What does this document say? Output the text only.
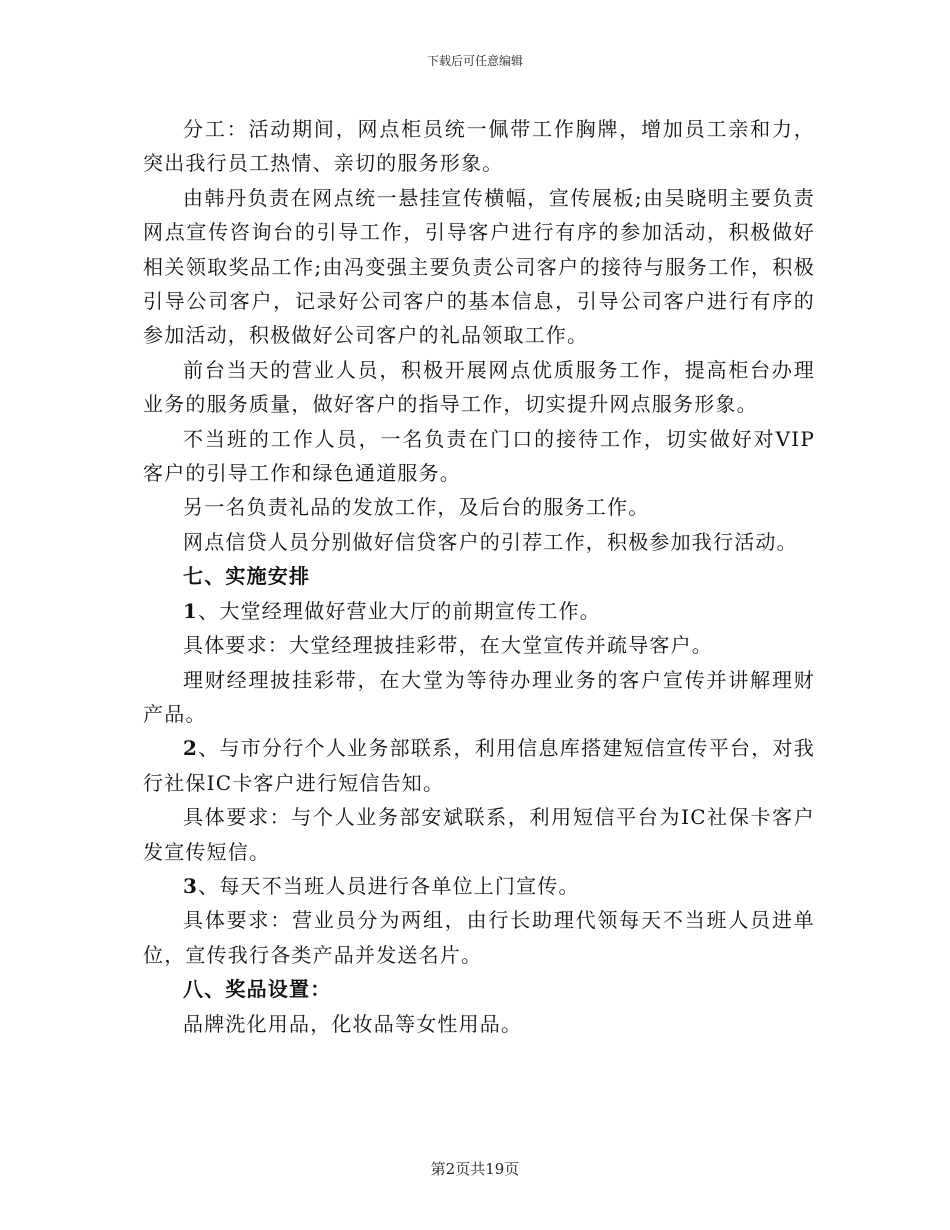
下载后可任意编辑

分工：活动期间，网点柜员统一佩带工作胸牌，增加员工亲和力，突出我行员工热情、亲切的服务形象。

由韩丹负责在网点统一悬挂宣传横幅，宣传展板;由吴晓明主要负责网点宣传咨询台的引导工作，引导客户进行有序的参加活动，积极做好相关领取奖品工作;由冯变强主要负责公司客户的接待与服务工作，积极引导公司客户，记录好公司客户的基本信息，引导公司客户进行有序的参加活动，积极做好公司客户的礼品领取工作。

前台当天的营业人员，积极开展网点优质服务工作，提高柜台办理业务的服务质量，做好客户的指导工作，切实提升网点服务形象。

不当班的工作人员，一名负责在门口的接待工作，切实做好对VIP客户的引导工作和绿色通道服务。

另一名负责礼品的发放工作，及后台的服务工作。

网点信贷人员分别做好信贷客户的引荐工作，积极参加我行活动。

七、实施安排

1、大堂经理做好营业大厅的前期宣传工作。

具体要求：大堂经理披挂彩带，在大堂宣传并疏导客户。

理财经理披挂彩带，在大堂为等待办理业务的客户宣传并讲解理财产品。

2、与市分行个人业务部联系，利用信息库搭建短信宣传平台，对我行社保IC卡客户进行短信告知。

具体要求：与个人业务部安斌联系，利用短信平台为IC社保卡客户发宣传短信。

3、每天不当班人员进行各单位上门宣传。

具体要求：营业员分为两组，由行长助理代领每天不当班人员进单位，宣传我行各类产品并发送名片。

八、奖品设置：

品牌洗化用品，化妆品等女性用品。

第2页共19页
